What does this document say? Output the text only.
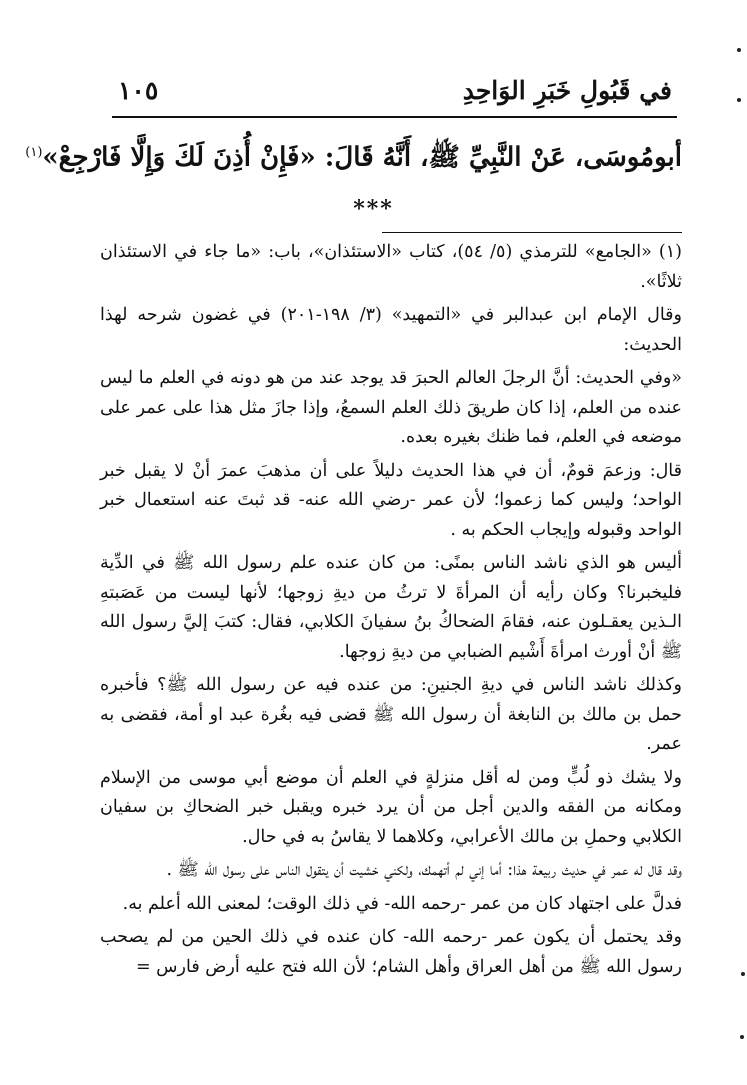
١٠٥	في قَبُولِ خَبَرِ الوَاحِدِ
أبومُوسَى، عَنْ النَّبِيِّ ﷺ، أَنَّهُ قَالَ: «فَإِنْ أُذِنَ لَكَ وَإِلَّا فَارْجِعْ»$^{(١)}$
***

(١) «الجامع» للترمذي (٥/ ٥٤)، كتاب «الاستئذان»، باب: «ما جاء في الاستئذان ثلاثًا».

وقال الإمام ابن عبدالبر في «التمهيد» (٣/ ١٩٨-٢٠١) في غضون شرحه لهذا الحديث:

«وفي الحديث: أنَّ الرجلَ العالم الحبرَ قد يوجد عند من هو دونه في العلم ما ليس عنده من العلم، إذا كان طريقَ ذلك العلم السمعُ، وإذا جازَ مثل هذا على عمر على موضعه في العلم، فما ظنك بغيره بعده.

قال: وزعمَ قومٌ، أن في هذا الحديث دليلاً على أن مذهبَ عمرَ أنْ لا يقبل خبر الواحد؛ وليس كما زعموا؛ لأن عمر -رضي الله عنه- قد ثبتَ عنه استعمال خبر الواحد وقبوله وإيجاب الحكم به .

أليس هو الذي ناشد الناس بمنًى: من كان عنده علم رسول الله ﷺ في الدِّية فليخبرنا؟ وكان رأيه أن المرأةَ لا ترثُ من ديةِ زوجها؛ لأنها ليست من عَصَبتهِ الـذين يعقـلون عنه، فقامَ الضحاكُ بنُ سفيانَ الكلابي، فقال: كتبَ إليَّ رسول الله ﷺ أنْ أورث امرأةَ أَشْيم الضبابي من ديةِ زوجها.

وكذلك ناشد الناس في ديةِ الجنينِ: من عنده فيه عن رسول الله ﷺ؟ فأخبره حمل بن مالك بن النابغة أن رسول الله ﷺ قضى فيه بغُرة عبد او أمة، فقضى به عمر.

ولا يشك ذو لُبٍّ ومن له أقل منزلةٍ في العلم أن موضع أبي موسى من الإسلام ومكانه من الفقه والدين أجل من أن يرد خبره ويقبل خبر الضحاكِ بن سفيان الكلابي وحملِ بن مالك الأعرابي، وكلاهما لا يقاسُ به في حال.

وقد قال له عمر في حديث ربيعة هذا: أما إني لم أتهمك، ولكني خشيت أن يتقول الناس على رسول الله ﷺ .

فدلَّ على اجتهاد كان من عمر -رحمه الله- في ذلك الوقت؛ لمعنى الله أعلم به.

وقد يحتمل أن يكون عمر -رحمه الله- كان عنده في ذلك الحين من لم يصحب رسول الله ﷺ من أهل العراق وأهل الشام؛ لأن الله فتح عليه أرض فارس =
